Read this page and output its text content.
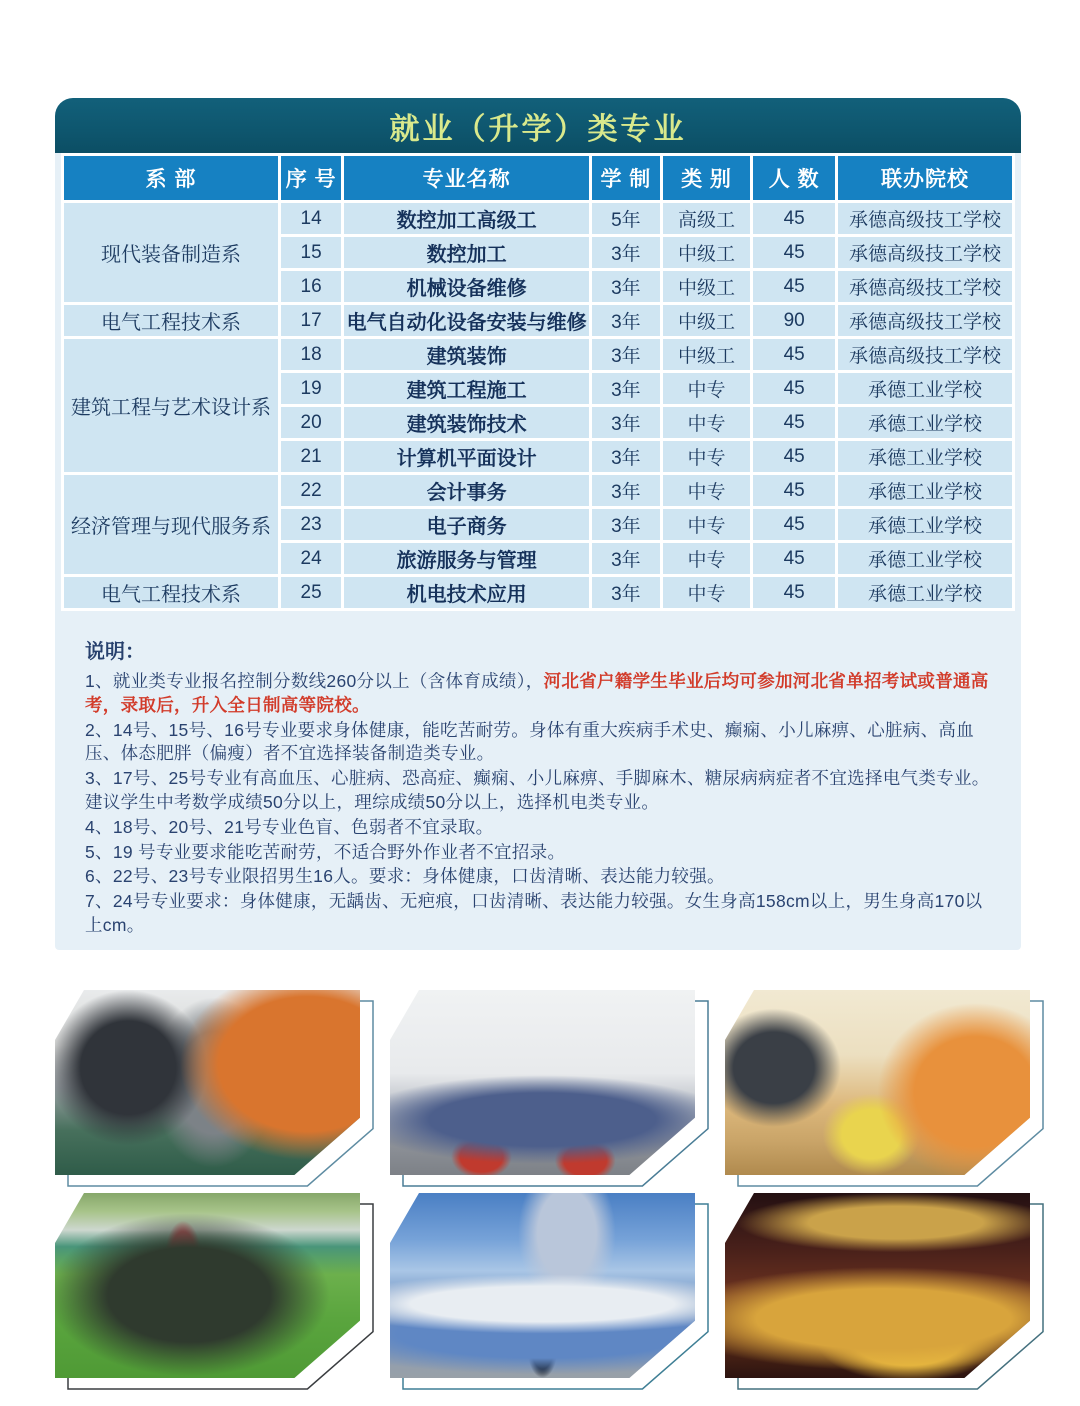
就业（升学）类专业
系 部	序 号	专业名称	学 制	类 别	人 数	联办院校
现代装备制造系	14	数控加工高级工	5年	高级工	45	承德高级技工学校
	15	数控加工	3年	中级工	45	承德高级技工学校
	16	机械设备维修	3年	中级工	45	承德高级技工学校
电气工程技术系	17	电气自动化设备安装与维修	3年	中级工	90	承德高级技工学校
建筑工程与艺术设计系	18	建筑装饰	3年	中级工	45	承德高级技工学校
	19	建筑工程施工	3年	中专	45	承德工业学校
	20	建筑装饰技术	3年	中专	45	承德工业学校
	21	计算机平面设计	3年	中专	45	承德工业学校
经济管理与现代服务系	22	会计事务	3年	中专	45	承德工业学校
	23	电子商务	3年	中专	45	承德工业学校
	24	旅游服务与管理	3年	中专	45	承德工业学校
电气工程技术系	25	机电技术应用	3年	中专	45	承德工业学校
说明：
1、就业类专业报名控制分数线260分以上（含体育成绩），河北省户籍学生毕业后均可参加河北省单招考试或普通高考，录取后，升入全日制高等院校。
2、14号、15号、16号专业要求身体健康，能吃苦耐劳。身体有重大疾病手术史、癫痫、小儿麻痹、心脏病、高血压、体态肥胖（偏瘦）者不宜选择装备制造类专业。
3、17号、25号专业有高血压、心脏病、恐高症、癫痫、小儿麻痹、手脚麻木、糖尿病病症者不宜选择电气类专业。建议学生中考数学成绩50分以上，理综成绩50分以上，选择机电类专业。
4、18号、20号、21号专业色盲、色弱者不宜录取。
5、19 号专业要求能吃苦耐劳，不适合野外作业者不宜招录。
6、22号、23号专业限招男生16人。要求：身体健康，口齿清晰、表达能力较强。
7、24号专业要求：身体健康，无龋齿、无疤痕，口齿清晰、表达能力较强。女生身高158cm以上，男生身高170以上cm。
